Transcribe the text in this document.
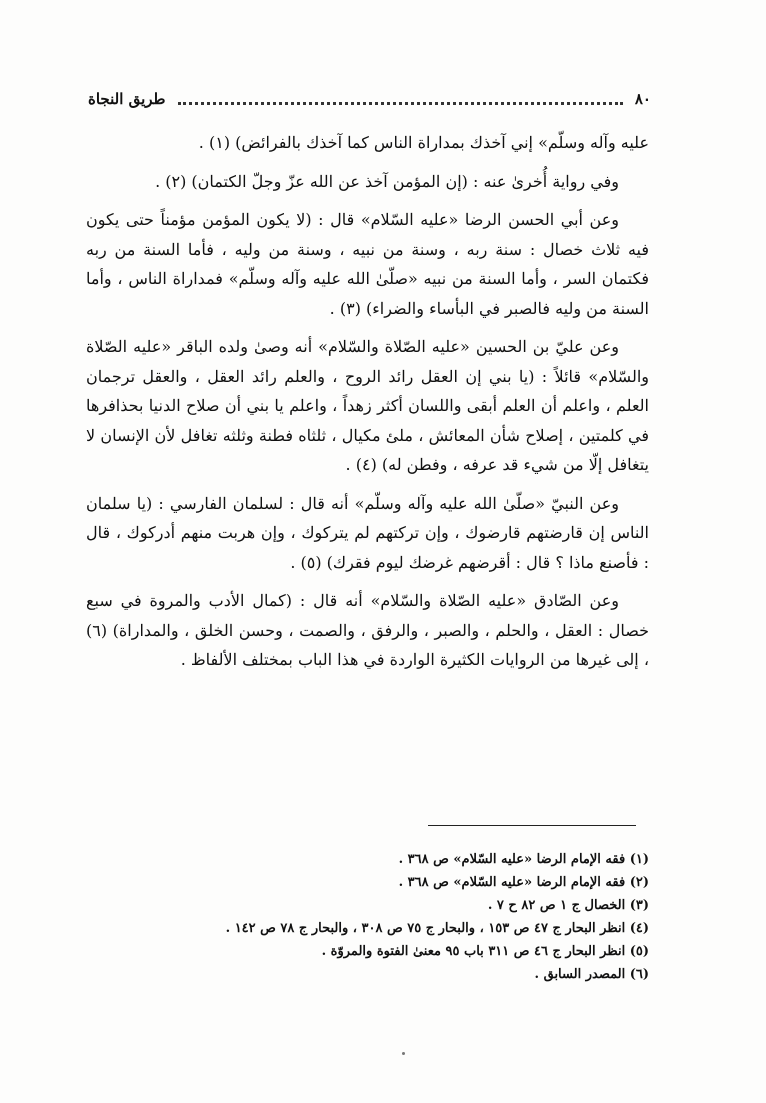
٨٠
طريق النجاة

عليه وآله وسلّم» إني آخذك بمداراة الناس كما آخذك بالفرائض) (١) .

وفي رواية أُخرىٰ عنه : (إن المؤمن آخذ عن الله عزّ وجلّ الكتمان) (٢) .

وعن أبي الحسن الرضا «عليه السّلام» قال : (لا يكون المؤمن مؤمناً حتى يكون فيه ثلاث خصال : سنة ربه ، وسنة من نبيه ، وسنة من وليه ، فأما السنة من ربه فكتمان السر ، وأما السنة من نبيه «صلّىٰ الله عليه وآله وسلّم» فمداراة الناس ، وأما السنة من وليه فالصبر في البأساء والضراء) (٣) .

وعن عليّ بن الحسين «عليه الصّلاة والسّلام» أنه وصىٰ ولده الباقر «عليه الصّلاة والسّلام» قائلاً : (يا بني إن العقل رائد الروح ، والعلم رائد العقل ، والعقل ترجمان العلم ، واعلم أن العلم أبقى واللسان أكثر زهداً ، واعلم يا بني أن صلاح الدنيا بحذافرها في كلمتين ، إصلاح شأن المعائش ، ملئ مكيال ، ثلثاه فطنة وثلثه تغافل لأن الإنسان لا يتغافل إلّا من شيء قد عرفه ، وفطن له) (٤) .

وعن النبيّ «صلّىٰ الله عليه وآله وسلّم» أنه قال : لسلمان الفارسي : (يا سلمان الناس إن قارضتهم قارضوك ، وإن تركتهم لم يتركوك ، وإن هربت منهم أدركوك ، قال : فأصنع ماذا ؟ قال : أقرضهم غرضك ليوم فقرك) (٥) .

وعن الصّادق «عليه الصّلاة والسّلام» أنه قال : (كمال الأدب والمروة في سبع خصال : العقل ، والحلم ، والصبر ، والرفق ، والصمت ، وحسن الخلق ، والمداراة) (٦) ، إلى غيرها من الروايات الكثيرة الواردة في هذا الباب بمختلف الألفاظ .

(١) فقه الإمام الرضا «عليه السّلام» ص ٣٦٨ .
(٢) فقه الإمام الرضا «عليه السّلام» ص ٣٦٨ .
(٣) الخصال ج ١ ص ٨٢ ح ٧ .
(٤) انظر البحار ج ٤٧ ص ١٥٣ ، والبحار ج ٧٥ ص ٣٠٨ ، والبحار ج ٧٨ ص ١٤٢ .
(٥) انظر البحار ج ٤٦ ص ٣١١ باب ٩٥ معنىٰ الفتوة والمروّة .
(٦) المصدر السابق .
